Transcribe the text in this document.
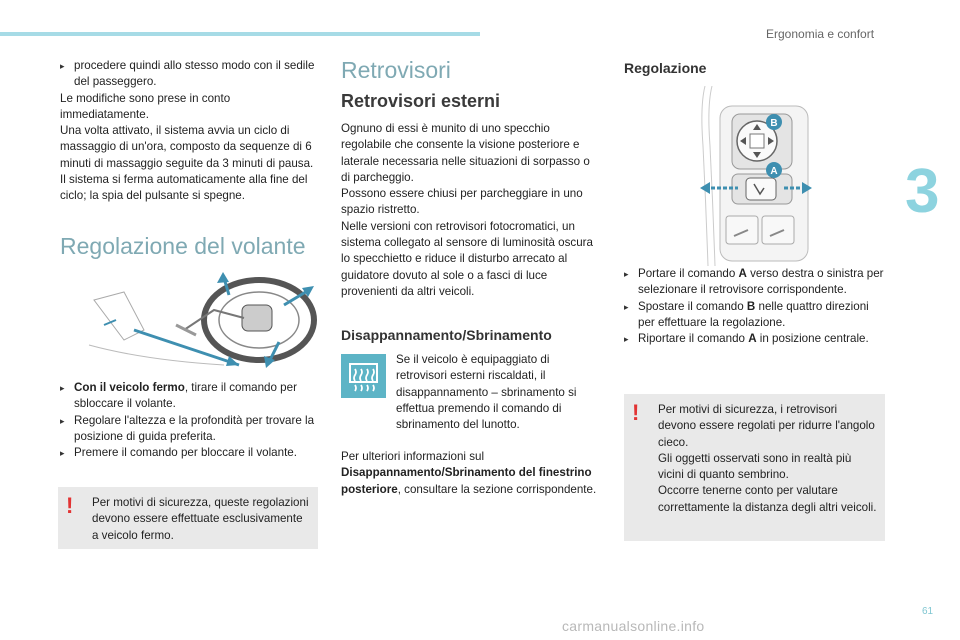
Ergonomia e confort
3
▸ procedere quindi allo stesso modo con il sedile del passeggero.

Le modifiche sono prese in conto immediatamente.

Una volta attivato, il sistema avvia un ciclo di massaggio di un'ora, composto da sequenze di 6 minuti di massaggio seguite da 3 minuti di pausa.

Il sistema si ferma automaticamente alla fine del ciclo; la spia del pulsante si spegne.

Regolazione del volante
▸ Con il veicolo fermo, tirare il comando per sbloccare il volante.
▸ Regolare l'altezza e la profondità per trovare la posizione di guida preferita.
▸ Premere il comando per bloccare il volante.
!	Per motivi di sicurezza, queste regolazioni devono essere effettuate esclusivamente a veicolo fermo.
Retrovisori
Retrovisori esterni

Ognuno di essi è munito di uno specchio regolabile che consente la visione posteriore e laterale necessaria nelle situazioni di sorpasso o di parcheggio.

Possono essere chiusi per parcheggiare in uno spazio ristretto.

Nelle versioni con retrovisori fotocromatici, un sistema collegato al sensore di luminosità oscura lo specchietto e riduce il disturbo arrecato al guidatore dovuto al sole o a fasci di luce provenienti da altri veicoli.

Disappannamento/Sbrinamento

Se il veicolo è equipaggiato di retrovisori esterni riscaldati, il disappannamento – sbrinamento si effettua premendo il comando di sbrinamento del lunotto.

Per ulteriori informazioni sul
Disappannamento/Sbrinamento del finestrino posteriore, consultare la sezione corrispondente.

Regolazione
B
A
▸ Portare il comando A verso destra o sinistra per selezionare il retrovisore corrispondente.
▸ Spostare il comando B nelle quattro direzioni per effettuare la regolazione.
▸ Riportare il comando A in posizione centrale.
! Per motivi di sicurezza, i retrovisori devono essere regolati per ridurre l'angolo cieco.
Gli oggetti osservati sono in realtà più vicini di quanto sembrino.
Occorre tenerne conto per valutare correttamente la distanza degli altri veicoli.
61
carmanualsonline.info
